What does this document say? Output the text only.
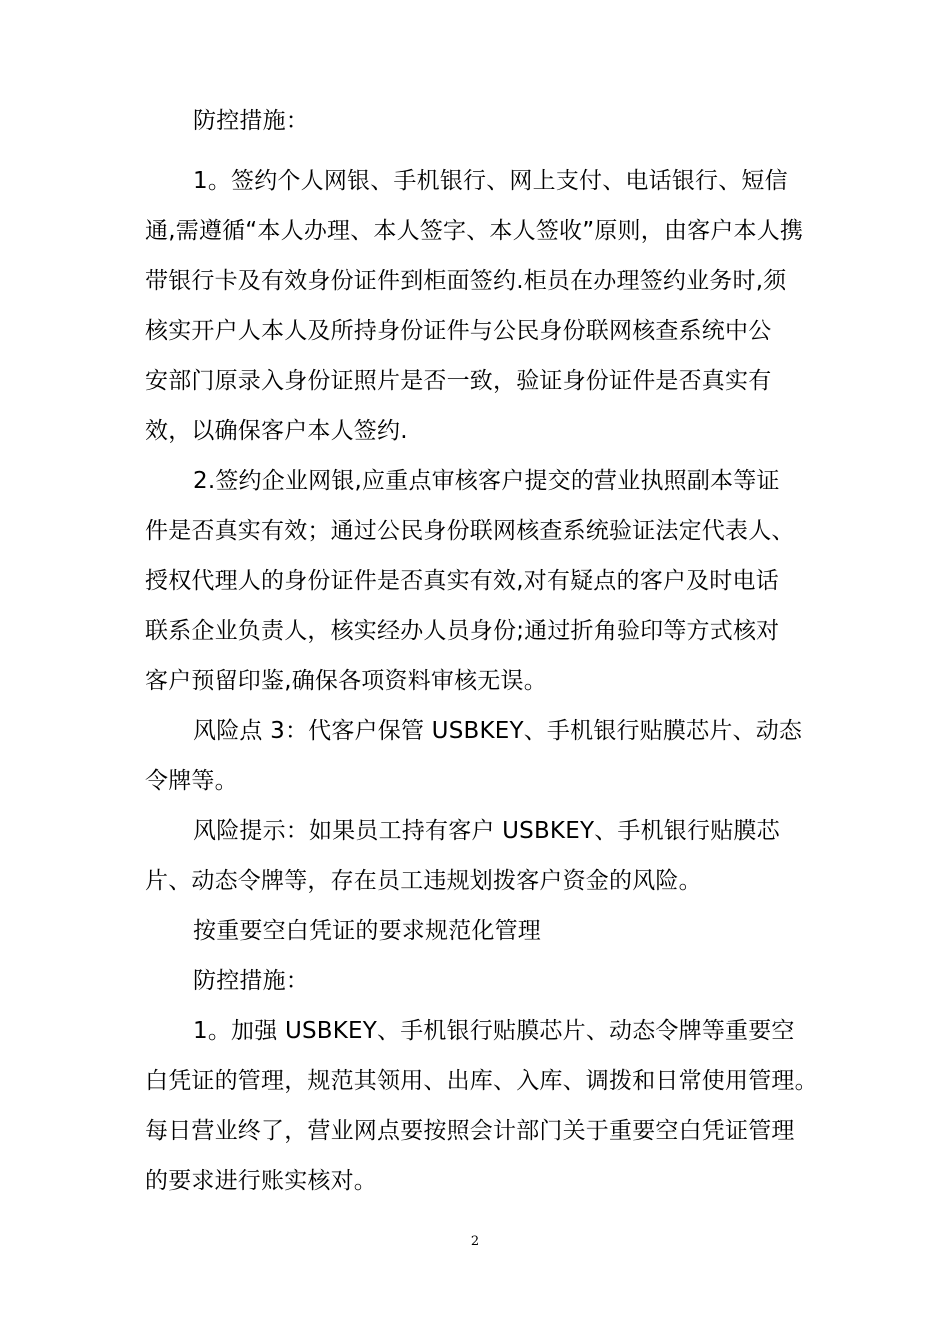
防控措施：
1。签约个人网银、手机银行、网上支付、电话银行、短信
通,需遵循“本人办理、本人签字、本人签收”原则，由客户本人携
带银行卡及有效身份证件到柜面签约.柜员在办理签约业务时,须
核实开户人本人及所持身份证件与公民身份联网核查系统中公
安部门原录入身份证照片是否一致，验证身份证件是否真实有
效，以确保客户本人签约.
2.签约企业网银,应重点审核客户提交的营业执照副本等证
件是否真实有效；通过公民身份联网核查系统验证法定代表人、
授权代理人的身份证件是否真实有效,对有疑点的客户及时电话
联系企业负责人，核实经办人员身份;通过折角验印等方式核对
客户预留印鉴,确保各项资料审核无误。
风险点 3：代客户保管 USBKEY、手机银行贴膜芯片、动态
令牌等。
风险提示：如果员工持有客户 USBKEY、手机银行贴膜芯
片、动态令牌等，存在员工违规划拨客户资金的风险。
按重要空白凭证的要求规范化管理
防控措施：
1。加强 USBKEY、手机银行贴膜芯片、动态令牌等重要空
白凭证的管理，规范其领用、出库、入库、调拨和日常使用管理。
每日营业终了，营业网点要按照会计部门关于重要空白凭证管理
的要求进行账实核对。
2
